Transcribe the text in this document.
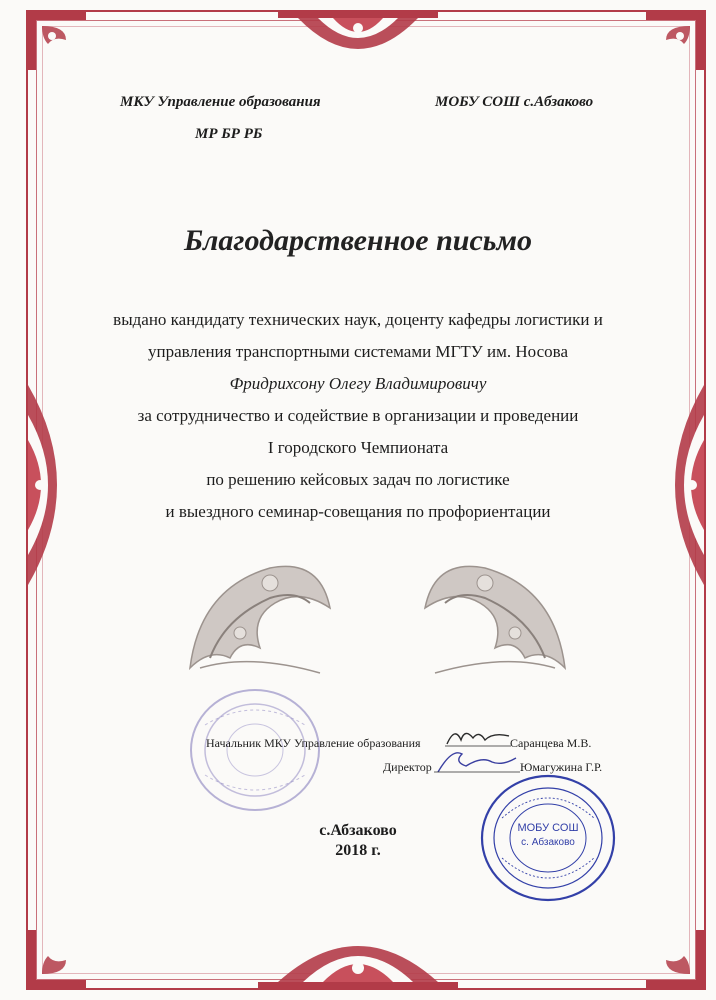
МКУ Управление образования
МР БР РБ
МОБУ СОШ с.Абзаково
Благодарственное письмо
выдано кандидату технических наук, доценту кафедры логистики и
управления транспортными системами МГТУ им. Носова
Фридрихсону Олегу Владимировичу
за сотрудничество и содействие в организации и проведении
I городского Чемпионата
по решению кейсовых задач по логистике
и выездного семинар-совещания по профориентации
Начальник МКУ Управление образования	Саранцева М.В.
Директор	Юмагужина Г.Р.
МОБУ СОШ
с. Абзаково
с.Абзаково
2018 г.
